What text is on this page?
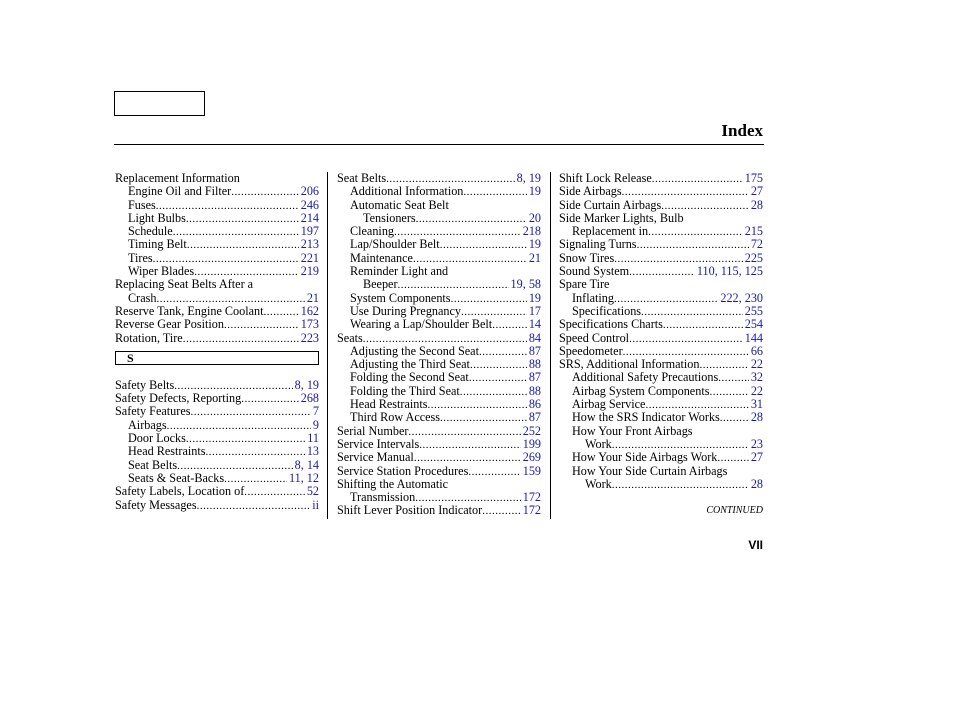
Index
Replacement Information
Engine Oil and Filter .....	206
Fuses .....	246
Light Bulbs .....	214
Schedule .....	197
Timing Belt .....	213
Tires .....	221
Wiper Blades .....	219
Replacing Seat Belts After a
Crash .....	21
Reserve Tank, Engine Coolant .....	162
Reverse Gear Position .....	173
Rotation, Tire .....	223
S
Safety Belts .....	8, 19
Safety Defects, Reporting .....	268
Safety Features .....	7
Airbags .....	9
Door Locks .....	11
Head Restraints .....	13
Seat Belts .....	8, 14
Seats & Seat-Backs .....	11, 12
Safety Labels, Location of .....	52
Safety Messages .....	ii
Seat Belts .....	8, 19
Additional Information .....	19
Automatic Seat Belt
Tensioners .....	20
Cleaning .....	218
Lap/Shoulder Belt .....	19
Maintenance .....	21
Reminder Light and
Beeper .....	19, 58
System Components .....	19
Use During Pregnancy .....	17
Wearing a Lap/Shoulder Belt .....	14
Seats .....	84
Adjusting the Second Seat .....	87
Adjusting the Third Seat .....	88
Folding the Second Seat .....	87
Folding the Third Seat .....	88
Head Restraints .....	86
Third Row Access .....	87
Serial Number .....	252
Service Intervals .....	199
Service Manual .....	269
Service Station Procedures .....	159
Shifting the Automatic
Transmission .....	172
Shift Lever Position Indicator .....	172
Shift Lock Release .....	175
Side Airbags .....	27
Side Curtain Airbags .....	28
Side Marker Lights, Bulb
Replacement in .....	215
Signaling Turns .....	72
Snow Tires .....	225
Sound System .....	110, 115, 125
Spare Tire
Inflating .....	222, 230
Specifications .....	255
Specifications Charts .....	254
Speed Control .....	144
Speedometer .....	66
SRS, Additional Information .....	22
Additional Safety Precautions .....	32
Airbag System Components .....	22
Airbag Service .....	31
How the SRS Indicator Works .....	28
How Your Front Airbags
Work .....	23
How Your Side Airbags Work .....	27
How Your Side Curtain Airbags
Work .....	28
CONTINUED
VII
